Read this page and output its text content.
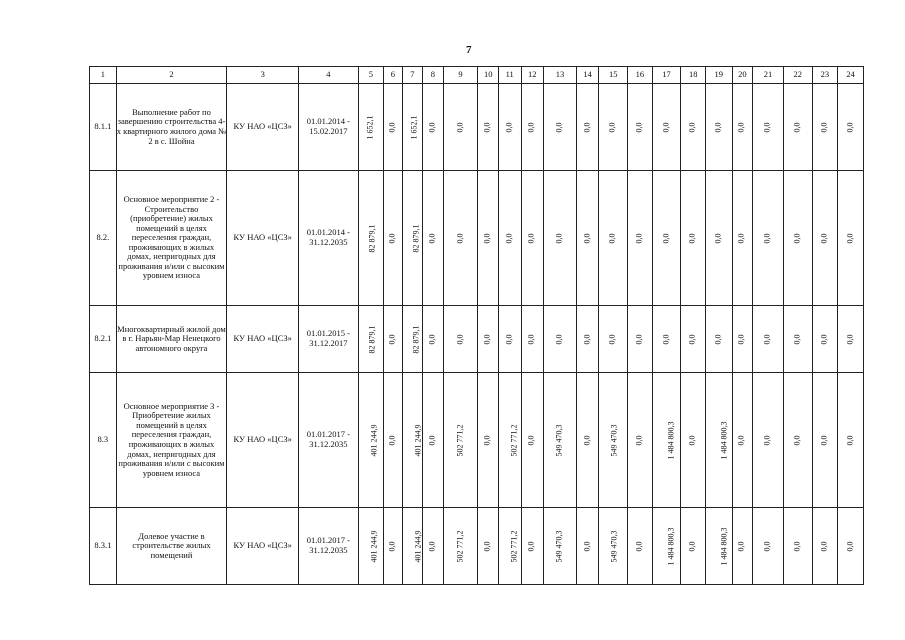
7
1	2	3	4	5	6	7	8	9	10	11	12	13	14	15	16	17	18	19	20	21	22	23	24
8.1.1	Выполнение работ по завершению строительства 4-х квартирного жилого дома № 2 в с. Шойна	КУ НАО «ЦСЗ»	01.01.2014 - 15.02.2017	1 652,1	0,0	1 652,1	0,0	0,0	0,0	0,0	0,0	0,0	0,0	0,0	0,0	0,0	0,0	0,0	0,0	0,0	0,0	0,0	0,0
8.2.	Основное мероприятие 2 - Строительство (приобретение) жилых помещений в целях переселения граждан, проживающих в жилых домах, непригодных для проживания и/или с высоким уровнем износа	КУ НАО «ЦСЗ»	01.01.2014 - 31.12.2035	82 879,1	0,0	82 879,1	0,0	0,0	0,0	0,0	0,0	0,0	0,0	0,0	0,0	0,0	0,0	0,0	0,0	0,0	0,0	0,0	0,0
8.2.1	Многоквартирный жилой дом в г. Нарьян-Мар Ненецкого автономного округа	КУ НАО «ЦСЗ»	01.01.2015 - 31.12.2017	82 879,1	0,0	82 879,1	0,0	0,0	0,0	0,0	0,0	0,0	0,0	0,0	0,0	0,0	0,0	0,0	0,0	0,0	0,0	0,0	0,0
8.3	Основное мероприятие 3 - Приобретение жилых помещений в целях переселения граждан, проживающих в жилых домах, непригодных для проживания и/или с высоким уровнем износа	КУ НАО «ЦСЗ»	01.01.2017 - 31.12.2035	401 244,9	0,0	401 244,9	0,0	502 771,2	0,0	502 771,2	0,0	549 470,3	0,0	549 470,3	0,0	1 484 800,3	0,0	1 484 800,3	0,0	0,0	0,0	0,0	0,0
8.3.1	Долевое участие в строительстве жилых помещений	КУ НАО «ЦСЗ»	01.01.2017 - 31.12.2035	401 244,9	0,0	401 244,9	0,0	502 771,2	0,0	502 771,2	0,0	549 470,3	0,0	549 470,3	0,0	1 484 800,3	0,0	1 484 800,3	0,0	0,0	0,0	0,0	0,0
